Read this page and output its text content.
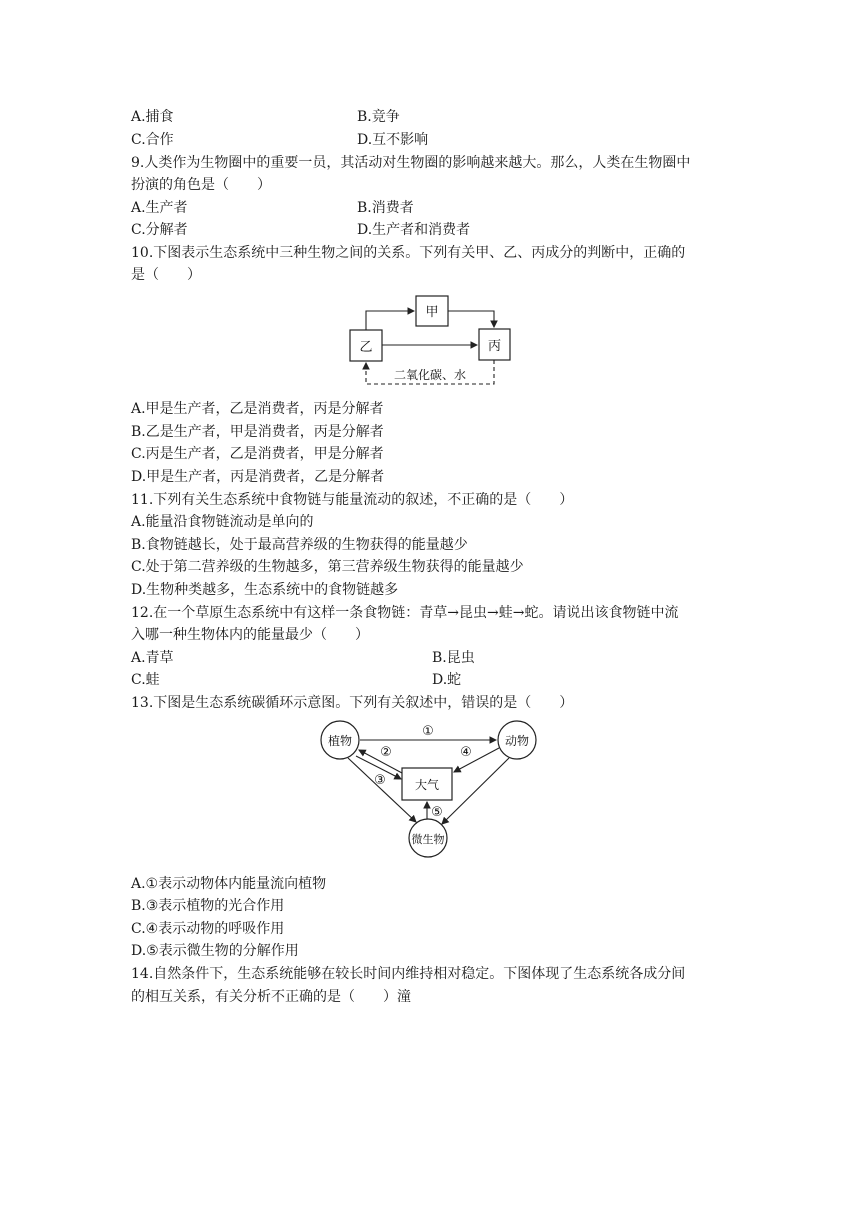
A.捕食	B.竞争
C.合作	D.互不影响
9.人类作为生物圈中的重要一员，其活动对生物圈的影响越来越大。那么，人类在生物圈中
扮演的角色是（　　）
A.生产者	B.消费者
C.分解者	D.生产者和消费者
10.下图表示生态系统中三种生物之间的关系。下列有关甲、乙、丙成分的判断中，正确的
是（　　）
甲
乙	丙
二氧化碳、水
A.甲是生产者，乙是消费者，丙是分解者
B.乙是生产者，甲是消费者，丙是分解者
C.丙是生产者，乙是消费者，甲是分解者
D.甲是生产者，丙是消费者，乙是分解者
11.下列有关生态系统中食物链与能量流动的叙述，不正确的是（　　）
A.能量沿食物链流动是单向的
B.食物链越长，处于最高营养级的生物获得的能量越少
C.处于第二营养级的生物越多，第三营养级生物获得的能量越少
D.生物种类越多，生态系统中的食物链越多
12.在一个草原生态系统中有这样一条食物链：青草→昆虫→蛙→蛇。请说出该食物链中流
入哪一种生物体内的能量最少（　　）
A.青草	B.昆虫
C.蛙	D.蛇
13.下图是生态系统碳循环示意图。下列有关叙述中，错误的是（　　）
植物	动物
大气
微生物
①
②
③
④
⑤
A.①表示动物体内能量流向植物
B.③表示植物的光合作用
C.④表示动物的呼吸作用
D.⑤表示微生物的分解作用
14.自然条件下，生态系统能够在较长时间内维持相对稳定。下图体现了生态系统各成分间
的相互关系，有关分析不正确的是（　　）潼
